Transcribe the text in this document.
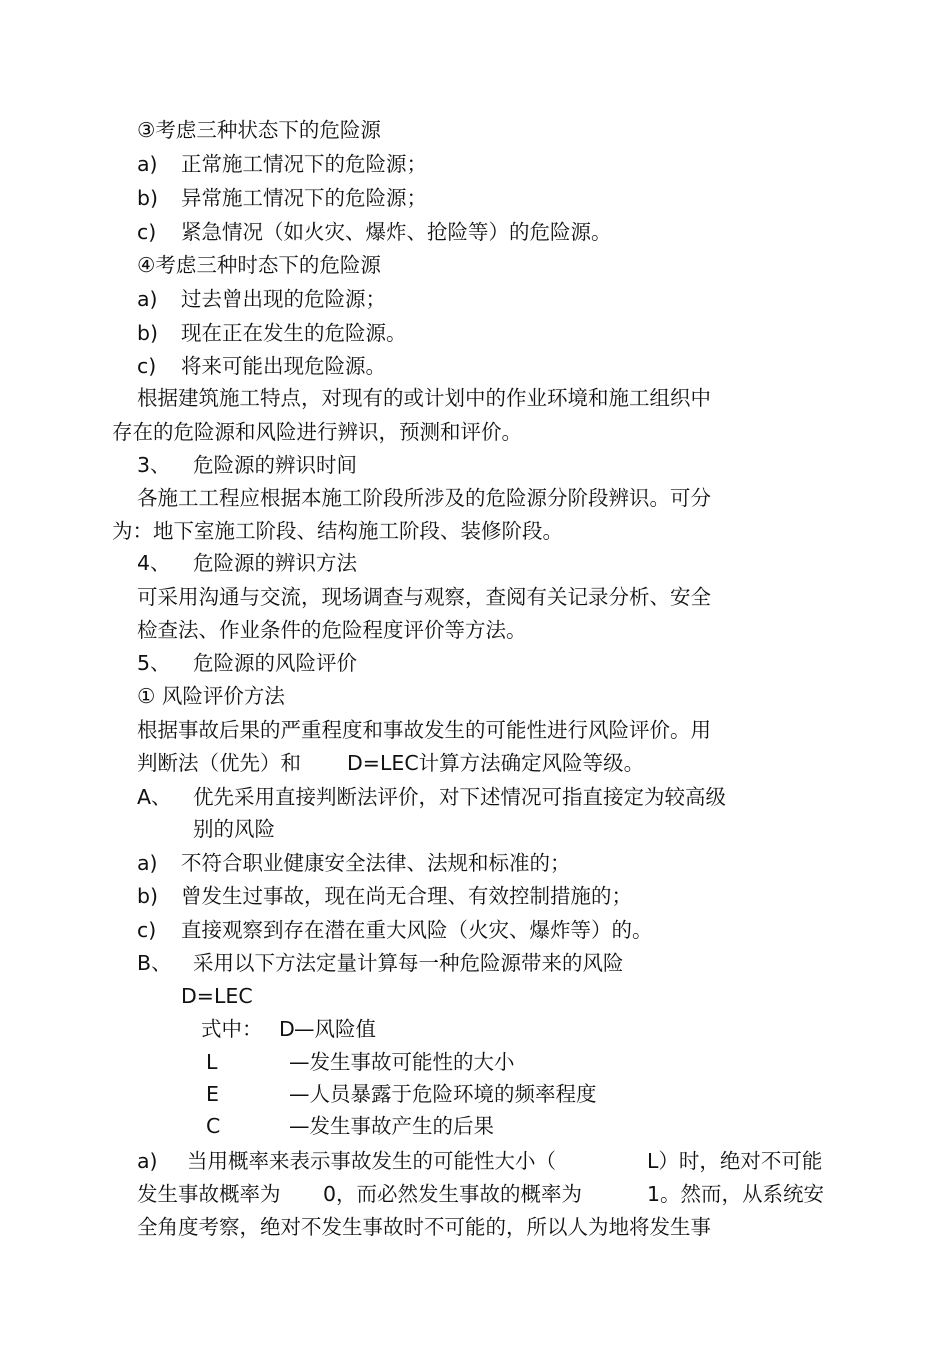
③考虑三种状态下的危险源
a) 正常施工情况下的危险源；
b) 异常施工情况下的危险源；
c) 紧急情况（如火灾、爆炸、抢险等）的危险源。
④考虑三种时态下的危险源
a) 过去曾出现的危险源；
b) 现在正在发生的危险源。
c) 将来可能出现危险源。
根据建筑施工特点，对现有的或计划中的作业环境和施工组织中
存在的危险源和风险进行辨识，预测和评价。
3、 危险源的辨识时间
各施工工程应根据本施工阶段所涉及的危险源分阶段辨识。可分
为：地下室施工阶段、结构施工阶段、装修阶段。
4、 危险源的辨识方法
可采用沟通与交流，现场调查与观察，查阅有关记录分析、安全
检查法、作业条件的危险程度评价等方法。
5、 危险源的风险评价
① 风险评价方法
根据事故后果的严重程度和事故发生的可能性进行风险评价。用
判断法（优先）和 D=LEC计算方法确定风险等级。
A、 优先采用直接判断法评价，对下述情况可指直接定为较高级
别的风险
a) 不符合职业健康安全法律、法规和标准的；
b) 曾发生过事故，现在尚无合理、有效控制措施的；
c) 直接观察到存在潜在重大风险（火灾、爆炸等）的。
B、 采用以下方法定量计算每一种危险源带来的风险
D=LEC
式中： D —风险值
L	—发生事故可能性的大小
E	—人员暴露于危险环境的频率程度
C	—发生事故产生的后果
a) 当用概率来表示事故发生的可能性大小（	L）时，绝对不可能
发生事故概率为 0，而必然发生事故的概率为	1。然而，从系统安
全角度考察，绝对不发生事故时不可能的，所以人为地将发生事
